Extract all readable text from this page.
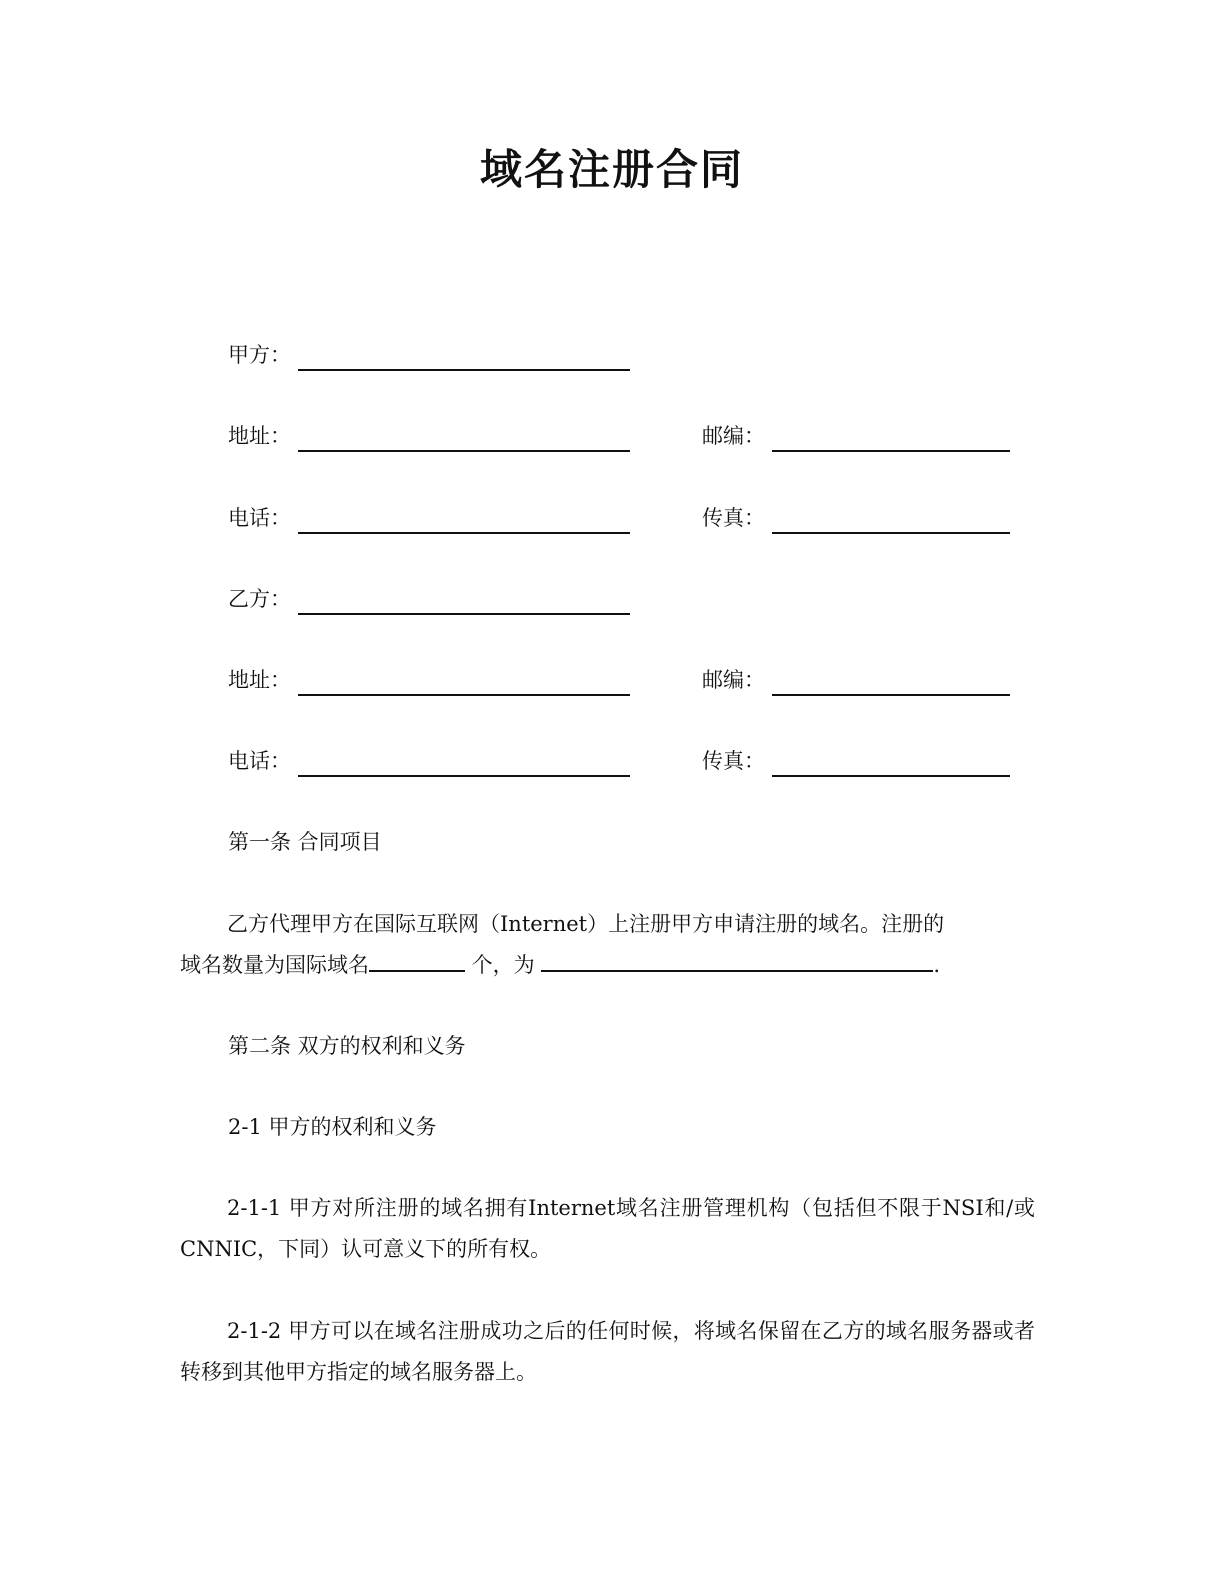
域名注册合同
甲方：
地址：	邮编：
电话：	传真：
乙方：
地址：	邮编：
电话：	传真：
第一条 合同项目
乙方代理甲方在国际互联网（Internet）上注册甲方申请注册的域名。注册的
域名数量为国际域名	个，为	.
第二条 双方的权利和义务
2-1 甲方的权利和义务
2-1-1 甲方对所注册的域名拥有Internet域名注册管理机构（包括但不限于NSI和/或CNNIC，下同）认可意义下的所有权。
2-1-2 甲方可以在域名注册成功之后的任何时候，将域名保留在乙方的域名服务器或者转移到其他甲方指定的域名服务器上。
